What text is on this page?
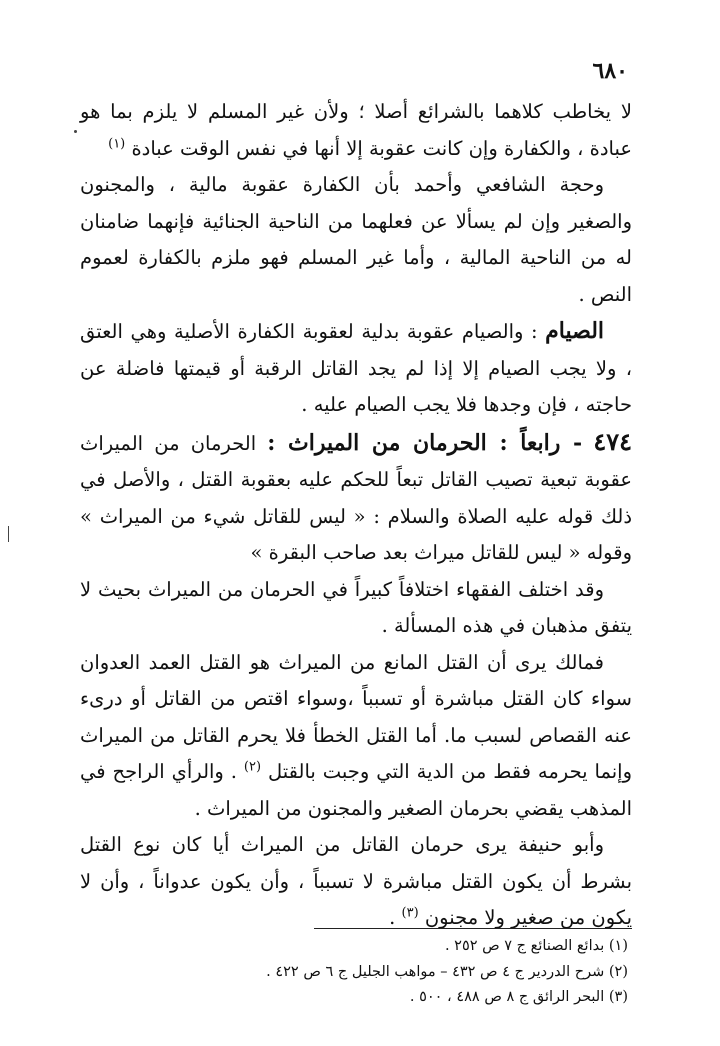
٦٨٠

لا يخاطب كلاهما بالشرائع أصلا ؛ ولأن غير المسلم لا يلزم بما هو عبادة ، والكفارة وإن كانت عقوبة إلا أنها في نفس الوقت عبادة $^{(١)}$

وحجة الشافعي وأحمد بأن الكفارة عقوبة مالية ، والمجنون والصغير وإن لم يسألا عن فعلهما من الناحية الجنائية فإنهما ضامنان له من الناحية المالية ، وأما غير المسلم فهو ملزم بالكفارة لعموم النص .

الصيام : والصيام عقوبة بدلية لعقوبة الكفارة الأصلية وهي العتق ، ولا يجب الصيام إلا إذا لم يجد القاتل الرقبة أو قيمتها فاضلة عن حاجته ، فإن وجدها فلا يجب الصيام عليه .

٤٧٤ - رابعاً : الحرمان من الميراث : الحرمان من الميراث عقوبة تبعية تصيب القاتل تبعاً للحكم عليه بعقوبة القتل ، والأصل في ذلك قوله عليه الصلاة والسلام : « ليس للقاتل شيء من الميراث » وقوله « ليس للقاتل ميراث بعد صاحب البقرة »

وقد اختلف الفقهاء اختلافاً كبيراً في الحرمان من الميراث بحيث لا يتفق مذهبان في هذه المسألة .

فمالك يرى أن القتل المانع من الميراث هو القتل العمد العدوان سواء كان القتل مباشرة أو تسبباً ،وسواء اقتص من القاتل أو درىء عنه القصاص لسبب ما. أما القتل الخطأ فلا يحرم القاتل من الميراث وإنما يحرمه فقط من الدية التي وجبت بالقتل $^{(٢)}$ . والرأي الراجح في المذهب يقضي بحرمان الصغير والمجنون من الميراث .

وأبو حنيفة يرى حرمان القاتل من الميراث أيا كان نوع القتل بشرط أن يكون القتل مباشرة لا تسبباً ، وأن يكون عدواناً ، وأن لا يكون من صغير ولا مجنون $^{(٣)}$ .

(١) بدائع الصنائع ج ٧ ص ٢٥٢ .
(٢) شرح الدردير ج ٤ ص ٤٣٢ – مواهب الجليل ج ٦ ص ٤٢٢ .
(٣) البحر الرائق ج ٨ ص ٤٨٨ ، ٥٠٠ .
